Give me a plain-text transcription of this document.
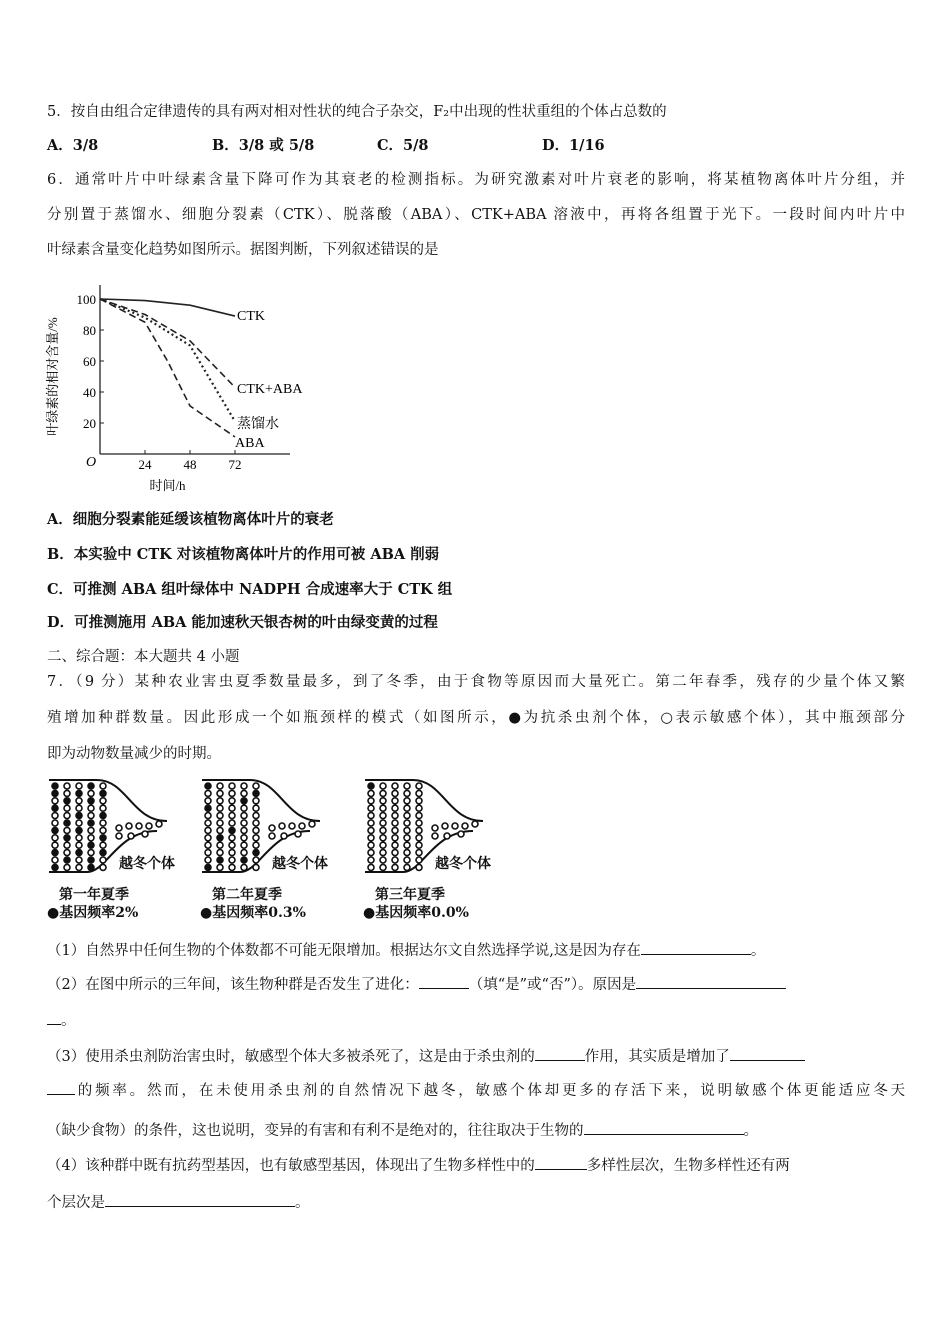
5．按自由组合定律遗传的具有两对相对性状的纯合子杂交，F₂中出现的性状重组的个体占总数的
A．3/8	B．3/8 或 5/8	C．5/8	D．1/16
6．通常叶片中叶绿素含量下降可作为其衰老的检测指标。为研究激素对叶片衰老的影响，将某植物离体叶片分组，并
分别置于蒸馏水、细胞分裂素（CTK）、脱落酸（ABA）、CTK+ABA 溶液中，再将各组置于光下。一段时间内叶片中
叶绿素含量变化趋势如图所示。据图判断，下列叙述错误的是
O	24 48 72
20
40
60
80
100
时间/h
叶绿素的相对含量/%
CTK
CTK+ABA
蒸馏水
ABA
A．细胞分裂素能延缓该植物离体叶片的衰老
B．本实验中 CTK 对该植物离体叶片的作用可被 ABA 削弱
C．可推测 ABA 组叶绿体中 NADPH 合成速率大于 CTK 组
D．可推测施用 ABA 能加速秋天银杏树的叶由绿变黄的过程
二、综合题：本大题共 4 小题
7．（9 分）某种农业害虫夏季数量最多，到了冬季，由于食物等原因而大量死亡。第二年春季，残存的少量个体又繁
殖增加种群数量。因此形成一个如瓶颈样的模式（如图所示，●为抗杀虫剂个体，○表示敏感个体），其中瓶颈部分
即为动物数量减少的时期。
越冬个体
第一年夏季
●基因频率2%
越冬个体
第二年夏季
●基因频率0.3%
越冬个体
第三年夏季
●基因频率0.0%
（1）自然界中任何生物的个体数都不可能无限增加。根据达尔文自然选择学说,这是因为存在	。
（2）在图中所示的三年间，该生物种群是否发生了进化：	（填“是”或“否”）。原因是
。
（3）使用杀虫剂防治害虫时，敏感型个体大多被杀死了，这是由于杀虫剂的	作用，其实质是增加了
的频率。然而，在未使用杀虫剂的自然情况下越冬，敏感个体却更多的存活下来，说明敏感个体更能适应冬天
（缺少食物）的条件，这也说明，变异的有害和有利不是绝对的，往往取决于生物的	。
（4）该种群中既有抗药型基因，也有敏感型基因，体现出了生物多样性中的	多样性层次，生物多样性还有两
个层次是	。
